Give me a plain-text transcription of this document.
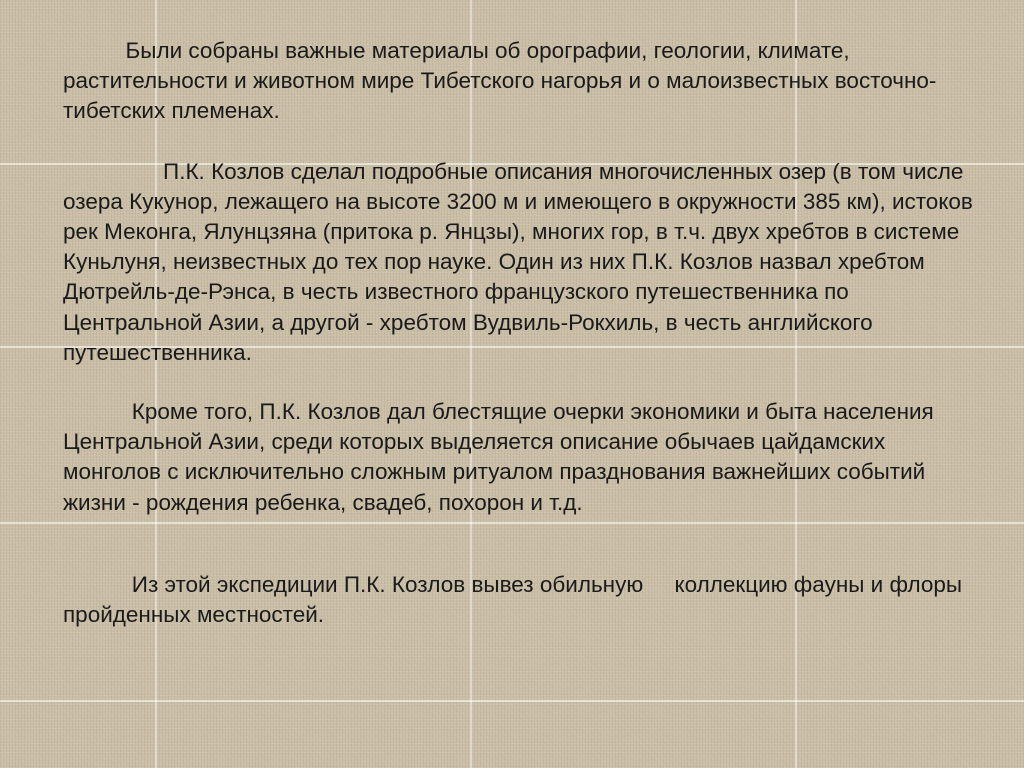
Были собраны важные материалы об орографии, геологии, климате, растительности и животном мире Тибетского нагорья и о малоизвестных восточно-тибетских племенах.

П.К. Козлов сделал подробные описания многочисленных озер (в том числе озера Кукунор, лежащего на высоте 3200 м и имеющего в окружности 385 км), истоков рек Меконга, Ялунцзяна (притока р. Янцзы), многих гор, в т.ч. двух хребтов в системе Куньлуня, неизвестных до тех пор науке. Один из них П.К. Козлов назвал хребтом Дютрейль-де-Рэнса, в честь известного французского путешественника по Центральной Азии, а другой - хребтом Вудвиль-Рокхиль, в честь английского путешественника.

Кроме того, П.К. Козлов дал блестящие очерки экономики и быта населения Центральной Азии, среди которых выделяется описание обычаев цайдамских монголов с исключительно сложным ритуалом празднования важнейших событий жизни - рождения ребенка, свадеб, похорон и т.д.

Из этой экспедиции П.К. Козлов вывез обильную     коллекцию фауны и флоры пройденных местностей.
